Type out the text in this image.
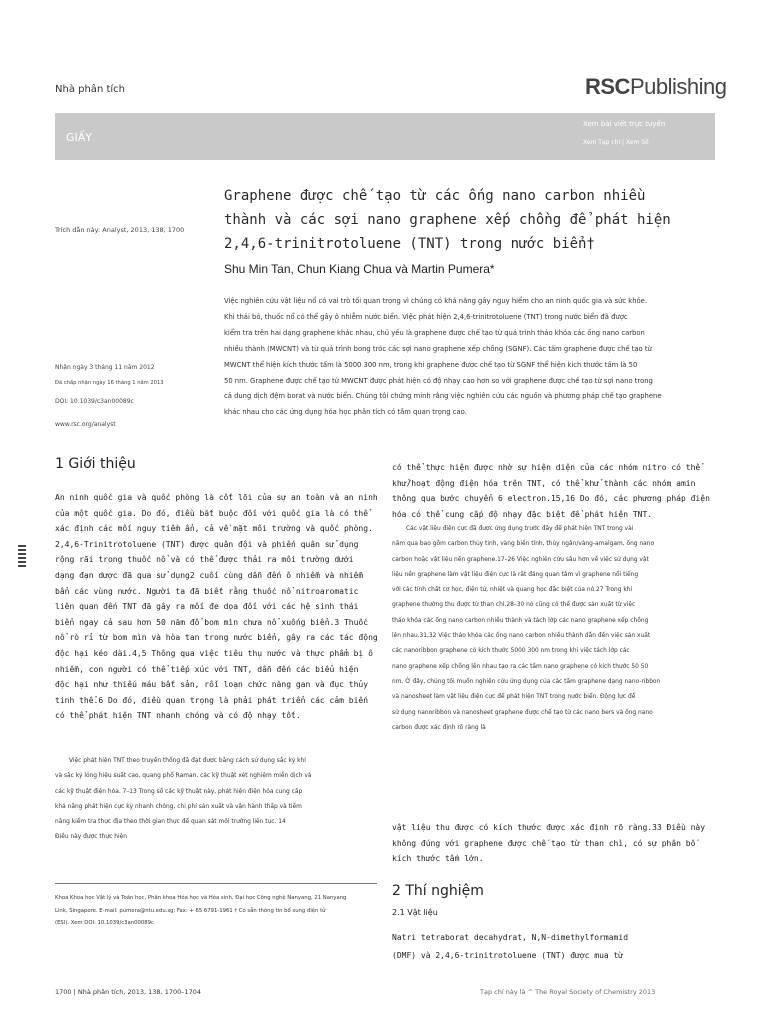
Nhà phân tích	RSCPublishing
GIẤY
Xem bài viết trực tuyến
Xem Tạp chí | Xem Số
Trích dẫn này: Analyst, 2013, 138, 1700
Graphene được chế tạo từ các ống nano carbon nhiều
thành và các sợi nano graphene xếp chồng để phát hiện
2,4,6-trinitrotoluene (TNT) trong nước biển†
Shu Min Tan, Chun Kiang Chua và Martin Pumera*
Việc nghiên cứu vật liệu nổ có vai trò tối quan trọng vì chúng có khả năng gây nguy hiểm cho an ninh quốc gia và sức khỏe.
Khi thải bỏ, thuốc nổ có thể gây ô nhiễm nước biển. Việc phát hiện 2,4,6-trinitrotoluene (TNT) trong nước biển đã được
kiểm tra trên hai dạng graphene khác nhau, chủ yếu là graphene được chế tạo từ quá trình tháo khóa các ống nano carbon
nhiều thành (MWCNT) và từ quá trình bong tróc các sợi nano graphene xếp chồng (SGNF). Các tấm graphene được chế tạo từ
MWCNT thể hiện kích thước tấm là 5000 300 nm, trong khi graphene được chế tạo từ SGNF thể hiện kích thước tấm là 50
50 nm. Graphene được chế tạo từ MWCNT được phát hiện có độ nhạy cao hơn so với graphene được chế tạo từ sợi nano trong
cả dung dịch đệm borat và nước biển. Chúng tôi chứng minh rằng việc nghiên cứu các nguồn và phương pháp chế tạo graphene
khác nhau cho các ứng dụng hóa học phân tích có tầm quan trọng cao.
Nhận ngày 3 tháng 11 năm 2012
Đã chấp nhận ngày 16 tháng 1 năm 2013
DOI: 10.1039/c3an00089c
www.rsc.org/analyst
1 Giới thiệu
An ninh quốc gia và quốc phòng là cốt lõi của sự an toàn và an ninh
của một quốc gia. Do đó, điều bắt buộc đối với quốc gia là có thể
xác định các mối nguy tiềm ẩn, cả về mặt môi trường và quốc phòng.
2,4,6-Trinitrotoluene (TNT) được quân đội và phiến quân sử dụng
rộng rãi trong thuốc nổ và có thể được thải ra môi trường dưới
dạng đạn dược đã qua sử dụng2 cuối cùng dẫn đến ô nhiễm và nhiễm
bẩn các vùng nước. Người ta đã biết rằng thuốc nổ nitroaromatic
liên quan đến TNT đã gây ra mối đe dọa đối với các hệ sinh thái
biển ngay cả sau hơn 50 năm đổ bom mìn chưa nổ xuống biển.3 Thuốc
nổ rò rỉ từ bom mìn và hòa tan trong nước biển, gây ra các tác động
độc hại kéo dài.4,5 Thông qua việc tiêu thụ nước và thực phẩm bị ô
nhiễm, con người có thể tiếp xúc với TNT, dẫn đến các biểu hiện
độc hại như thiếu máu bất sản, rối loạn chức năng gan và đục thủy
tinh thể.6 Do đó, điều quan trọng là phải phát triển các cảm biến
có thể phát hiện TNT nhanh chóng và có độ nhạy tốt.
Việc phát hiện TNT theo truyền thống đã đạt được bằng cách sử dụng sắc ký khí
và sắc ký lỏng hiệu suất cao, quang phổ Raman, các kỹ thuật xét nghiệm miễn dịch và
các kỹ thuật điện hóa. 7–13 Trong số các kỹ thuật này, phát hiện điện hóa cung cấp
khả năng phát hiện cực kỳ nhanh chóng, chi phí sản xuất và vận hành thấp và tiềm
năng kiểm tra thực địa theo thời gian thực để quan sát môi trường liên tục. 14
Điều này được thực hiện
Khoa Khoa học Vật lý và Toán học, Phân khoa Hóa học và Hóa sinh, Đại học Công nghệ Nanyang, 21 Nanyang
Link, Singapore. E-mail: pumera@ntu.edu.sg; Fax: + 65 6791-1961 † Có sẵn thông tin bổ sung điện tử
(ESI). Xem DOI: 10.1039/c3an00089c
có thể thực hiện được nhờ sự hiện diện của các nhóm nitro có thể
khử/hoạt động điện hóa trên TNT, có thể khử thành các nhóm amin
thông qua bước chuyển 6 electron.15,16 Do đó, các phương pháp điện
hóa có thể cung cấp độ nhạy đặc biệt để phát hiện TNT.
Các vật liệu điện cực đã được ứng dụng trước đây để phát hiện TNT trong vài
năm qua bao gồm carbon thủy tinh, vàng biến tính, thủy ngân/vàng-amalgam, ống nano
carbon hoặc vật liệu nền graphene.17–26 Việc nghiên cứu sâu hơn về việc sử dụng vật
liệu nền graphene làm vật liệu điện cực là rất đáng quan tâm vì graphene nổi tiếng
với các tính chất cơ học, điện tử, nhiệt và quang học đặc biệt của nó.27 Trong khi
graphene thường thu được từ than chì,28–30 nó cũng có thể được sản xuất từ việc
tháo khóa các ống nano carbon nhiều thành và tách lớp các nano graphene xếp chồng
lên nhau.31,32 Việc tháo khóa các ống nano carbon nhiều thành dẫn đến việc sản xuất
các nanoribbon graphene có kích thước 5000 300 nm trong khi việc tách lớp các
nano graphene xếp chồng lên nhau tạo ra các tấm nano graphene có kích thước 50 50
nm. Ở đây, chúng tôi muốn nghiên cứu ứng dụng của các tấm graphene dạng nano-ribbon
và nanosheet làm vật liệu điện cực để phát hiện TNT trong nước biển. Động lực để
sử dụng nanoribbon và nanosheet graphene được chế tạo từ các nano bers và ống nano
carbon được xác định rõ ràng là
vật liệu thu được có kích thước được xác định rõ ràng.33 Điều này
không đúng với graphene được chế tạo từ than chì, có sự phân bố
kích thước tấm lớn.
2 Thí nghiệm
2.1 Vật liệu
Natri tetraborat decahydrat, N,N-dimethylformamid
(DMF) và 2,4,6-trinitrotoluene (TNT) được mua từ
1700 | Nhà phân tích, 2013, 138, 1700–1704	Tạp chí này là ^ The Royal Society of Chemistry 2013
